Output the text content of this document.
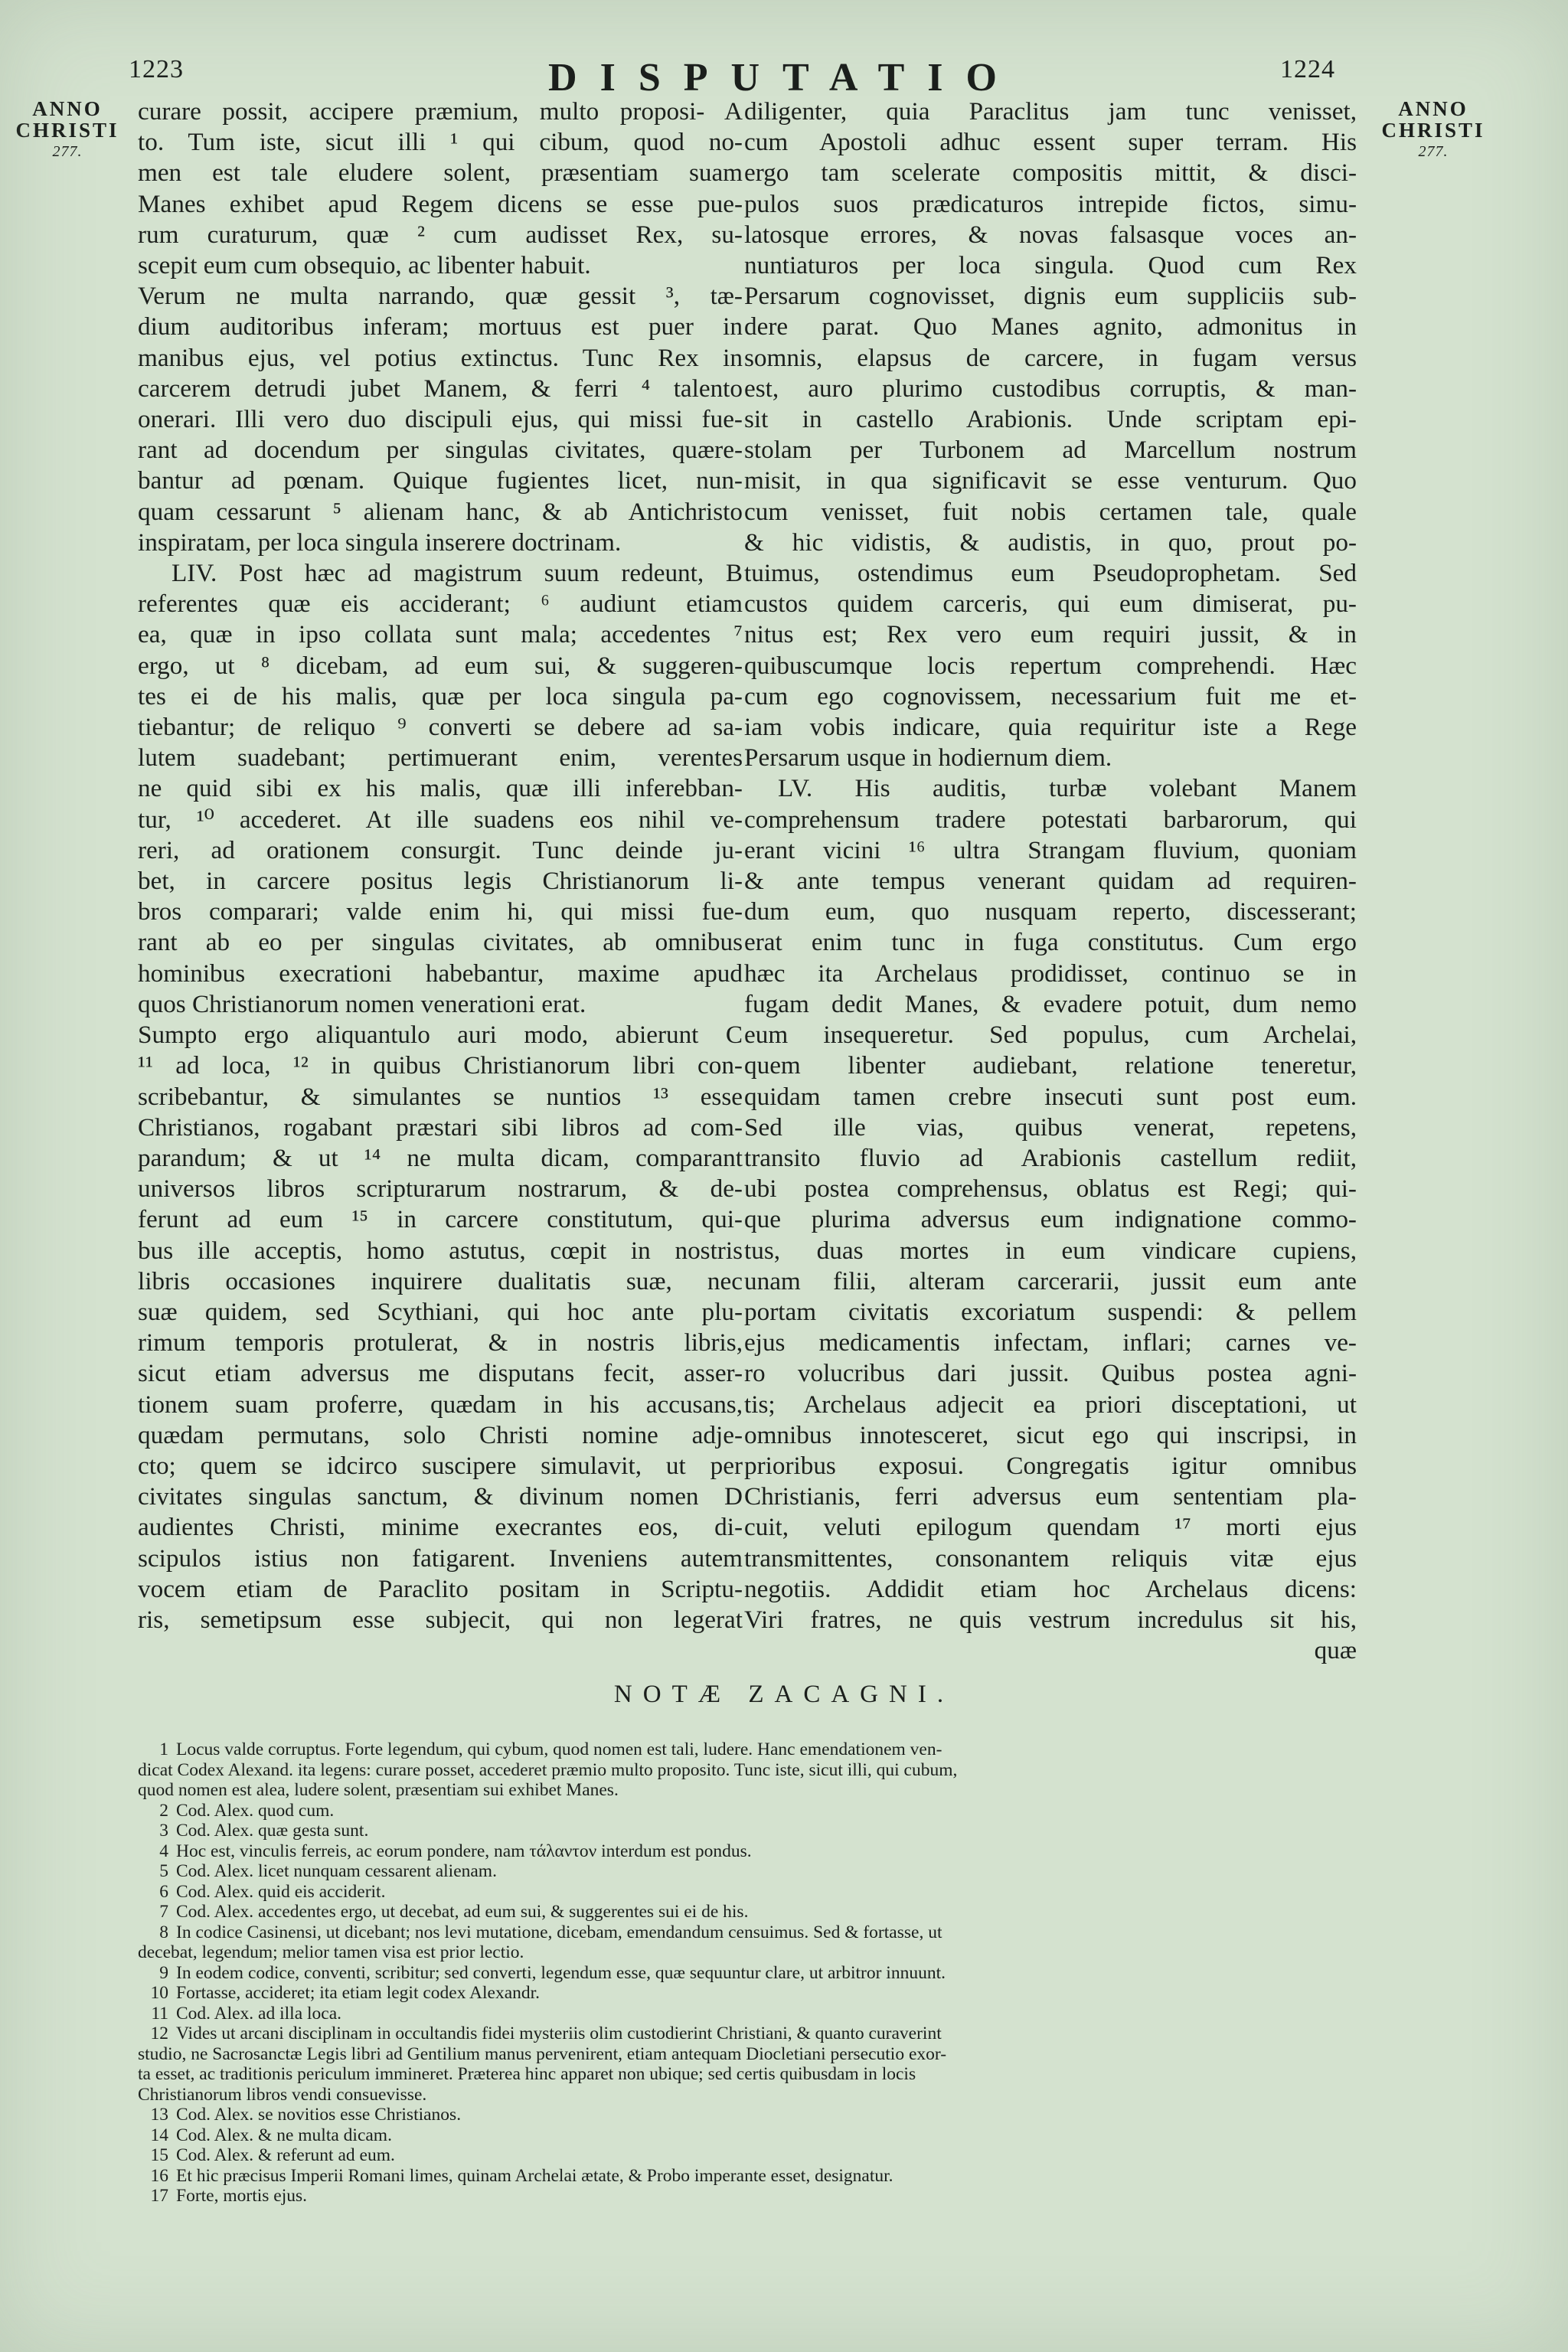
1223	DISPUTATIO	1224
ANNO
CHRISTI
277.
ANNO
CHRISTI
277.
curare possit, accipere præmium, multo proposi- A
to. Tum iste, sicut illi ¹ qui cibum, quod no-
men est tale eludere solent, præsentiam suam
Manes exhibet apud Regem dicens se esse pue-
rum curaturum, quæ ² cum audisset Rex, su-
scepit eum cum obsequio, ac libenter habuit.
Verum ne multa narrando, quæ gessit ³, tæ-
dium auditoribus inferam; mortuus est puer in
manibus ejus, vel potius extinctus. Tunc Rex in
carcerem detrudi jubet Manem, & ferri ⁴ talento
onerari. Illi vero duo discipuli ejus, qui missi fue-
rant ad docendum per singulas civitates, quære-
bantur ad pœnam. Quique fugientes licet, nun-
quam cessarunt ⁵ alienam hanc, & ab Antichristo
inspiratam, per loca singula inserere doctrinam.
LIV. Post hæc ad magistrum suum redeunt, B
referentes quæ eis acciderant; ⁶ audiunt etiam
ea, quæ in ipso collata sunt mala; accedentes ⁷
ergo, ut ⁸ dicebam, ad eum sui, & suggeren-
tes ei de his malis, quæ per loca singula pa-
tiebantur; de reliquo ⁹ converti se debere ad sa-
lutem suadebant; pertimuerant enim, verentes
ne quid sibi ex his malis, quæ illi inferebban-
tur, ¹⁰ accederet. At ille suadens eos nihil ve-
reri, ad orationem consurgit. Tunc deinde ju-
bet, in carcere positus legis Christianorum li-
bros comparari; valde enim hi, qui missi fue-
rant ab eo per singulas civitates, ab omnibus
hominibus execrationi habebantur, maxime apud
quos Christianorum nomen venerationi erat.
Sumpto ergo aliquantulo auri modo, abierunt C
¹¹ ad loca, ¹² in quibus Christianorum libri con-
scribebantur, & simulantes se nuntios ¹³ esse
Christianos, rogabant præstari sibi libros ad com-
parandum; & ut ¹⁴ ne multa dicam, comparant
universos libros scripturarum nostrarum, & de-
ferunt ad eum ¹⁵ in carcere constitutum, qui-
bus ille acceptis, homo astutus, cœpit in nostris
libris occasiones inquirere dualitatis suæ, nec
suæ quidem, sed Scythiani, qui hoc ante plu-
rimum temporis protulerat, & in nostris libris,
sicut etiam adversus me disputans fecit, asser-
tionem suam proferre, quædam in his accusans,
quædam permutans, solo Christi nomine adje-
cto; quem se idcirco suscipere simulavit, ut per
civitates singulas sanctum, & divinum nomen D
audientes Christi, minime execrantes eos, di-
scipulos istius non fatigarent. Inveniens autem
vocem etiam de Paraclito positam in Scriptu-
ris, semetipsum esse subjecit, qui non legerat
diligenter, quia Paraclitus jam tunc venisset,
cum Apostoli adhuc essent super terram. His
ergo tam scelerate compositis mittit, & disci-
pulos suos prædicaturos intrepide fictos, simu-
latosque errores, & novas falsasque voces an-
nuntiaturos per loca singula. Quod cum Rex
Persarum cognovisset, dignis eum suppliciis sub-
dere parat. Quo Manes agnito, admonitus in
somnis, elapsus de carcere, in fugam versus
est, auro plurimo custodibus corruptis, & man-
sit in castello Arabionis. Unde scriptam epi-
stolam per Turbonem ad Marcellum nostrum
misit, in qua significavit se esse venturum. Quo
cum venisset, fuit nobis certamen tale, quale
& hic vidistis, & audistis, in quo, prout po-
tuimus, ostendimus eum Pseudoprophetam. Sed
custos quidem carceris, qui eum dimiserat, pu-
nitus est; Rex vero eum requiri jussit, & in
quibuscumque locis repertum comprehendi. Hæc
cum ego cognovissem, necessarium fuit me et-
iam vobis indicare, quia requiritur iste a Rege
Persarum usque in hodiernum diem.
LV. His auditis, turbæ volebant Manem
comprehensum tradere potestati barbarorum, qui
erant vicini ¹⁶ ultra Strangam fluvium, quoniam
& ante tempus venerant quidam ad requiren-
dum eum, quo nusquam reperto, discesserant;
erat enim tunc in fuga constitutus. Cum ergo
hæc ita Archelaus prodidisset, continuo se in
fugam dedit Manes, & evadere potuit, dum nemo
eum insequeretur. Sed populus, cum Archelai,
quem libenter audiebant, relatione teneretur,
quidam tamen crebre insecuti sunt post eum.
Sed ille vias, quibus venerat, repetens,
transito fluvio ad Arabionis castellum rediit,
ubi postea comprehensus, oblatus est Regi; qui-
que plurima adversus eum indignatione commo-
tus, duas mortes in eum vindicare cupiens,
unam filii, alteram carcerarii, jussit eum ante
portam civitatis excoriatum suspendi: & pellem
ejus medicamentis infectam, inflari; carnes ve-
ro volucribus dari jussit. Quibus postea agni-
tis; Archelaus adjecit ea priori disceptationi, ut
omnibus innotesceret, sicut ego qui inscripsi, in
prioribus exposui. Congregatis igitur omnibus
Christianis, ferri adversus eum sententiam pla-
cuit, veluti epilogum quendam ¹⁷ morti ejus
transmittentes, consonantem reliquis vitæ ejus
negotiis. Addidit etiam hoc Archelaus dicens:
Viri fratres, ne quis vestrum incredulus sit his,
quæ
NOTÆ ZACAGNI.
1 Locus valde corruptus. Forte legendum, qui cybum, quod nomen est tali, ludere. Hanc emendationem ven-
dicat Codex Alexand. ita legens: curare posset, accederet præmio multo proposito. Tunc iste, sicut illi, qui cubum,
quod nomen est alea, ludere solent, præsentiam sui exhibet Manes.
2 Cod. Alex. quod cum.
3 Cod. Alex. quæ gesta sunt.
4 Hoc est, vinculis ferreis, ac eorum pondere, nam τάλαντον interdum est pondus.
5 Cod. Alex. licet nunquam cessarent alienam.
6 Cod. Alex. quid eis acciderit.
7 Cod. Alex. accedentes ergo, ut decebat, ad eum sui, & suggerentes sui ei de his.
8 In codice Casinensi, ut dicebant; nos levi mutatione, dicebam, emendandum censuimus. Sed & fortasse, ut
decebat, legendum; melior tamen visa est prior lectio.
9 In eodem codice, conventi, scribitur; sed converti, legendum esse, quæ sequuntur clare, ut arbitror innuunt.
10 Fortasse, accideret; ita etiam legit codex Alexandr.
11 Cod. Alex. ad illa loca.
12 Vides ut arcani disciplinam in occultandis fidei mysteriis olim custodierint Christiani, & quanto curaverint
studio, ne Sacrosanctæ Legis libri ad Gentilium manus pervenirent, etiam antequam Diocletiani persecutio exor-
ta esset, ac traditionis periculum immineret. Præterea hinc apparet non ubique; sed certis quibusdam in locis
Christianorum libros vendi consuevisse.
13 Cod. Alex. se novitios esse Christianos.
14 Cod. Alex. & ne multa dicam.
15 Cod. Alex. & referunt ad eum.
16 Et hic præcisus Imperii Romani limes, quinam Archelai ætate, & Probo imperante esset, designatur.
17 Forte, mortis ejus.
